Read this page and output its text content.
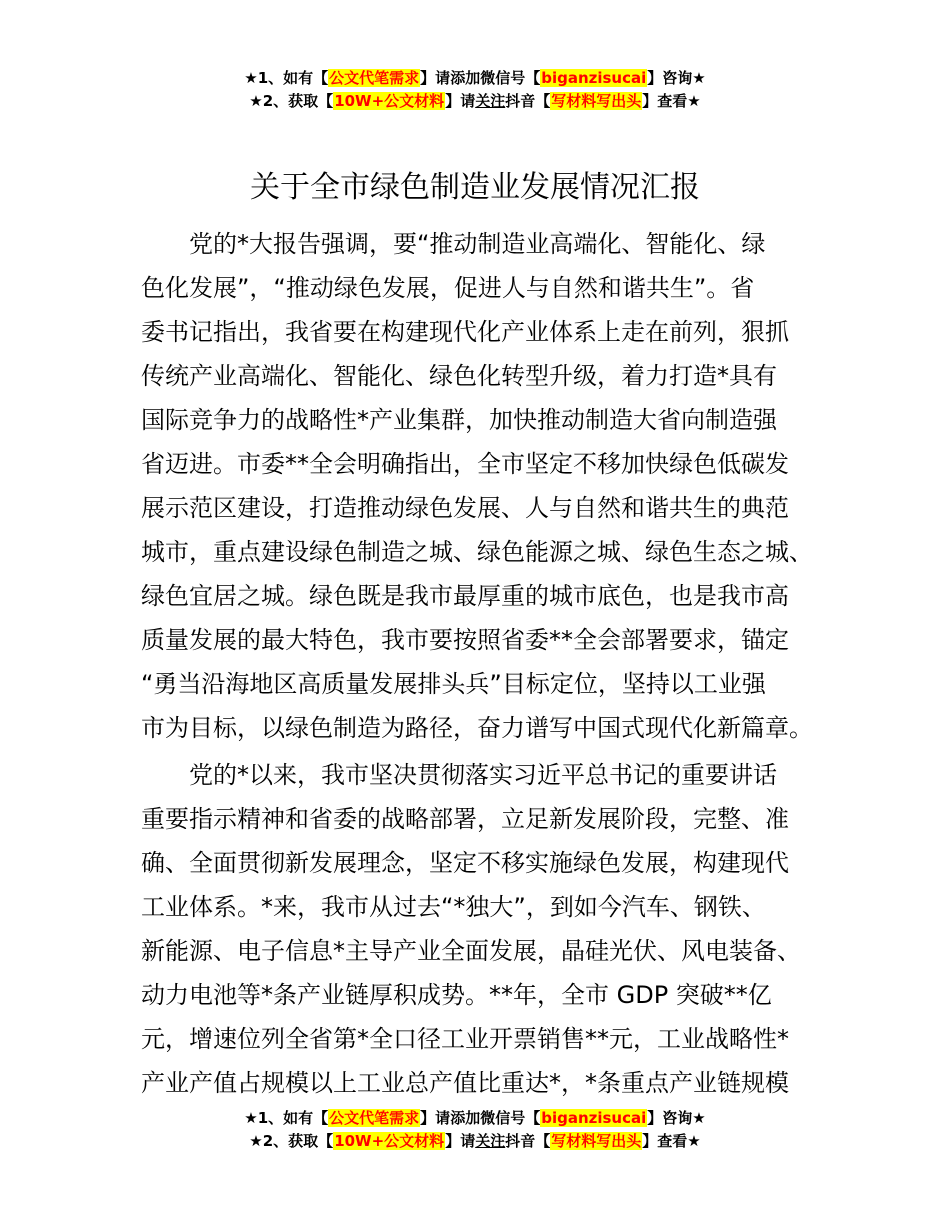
★1、如有【公文代笔需求】请添加微信号【biganzisucai】咨询★
★2、获取【10W+公文材料】请关注抖音【写材料写出头】查看★
关于全市绿色制造业发展情况汇报
党的*大报告强调，要“推动制造业高端化、智能化、绿
色化发展”，“推动绿色发展，促进人与自然和谐共生”。省
委书记指出，我省要在构建现代化产业体系上走在前列，狠抓
传统产业高端化、智能化、绿色化转型升级，着力打造*具有
国际竞争力的战略性*产业集群，加快推动制造大省向制造强
省迈进。市委**全会明确指出，全市坚定不移加快绿色低碳发
展示范区建设，打造推动绿色发展、人与自然和谐共生的典范
城市，重点建设绿色制造之城、绿色能源之城、绿色生态之城、
绿色宜居之城。绿色既是我市最厚重的城市底色，也是我市高
质量发展的最大特色，我市要按照省委**全会部署要求，锚定
“勇当沿海地区高质量发展排头兵”目标定位，坚持以工业强
市为目标，以绿色制造为路径，奋力谱写中国式现代化新篇章。
党的*以来，我市坚决贯彻落实习近平总书记的重要讲话
重要指示精神和省委的战略部署，立足新发展阶段，完整、准
确、全面贯彻新发展理念，坚定不移实施绿色发展，构建现代
工业体系。*来，我市从过去“*独大”，到如今汽车、钢铁、
新能源、电子信息*主导产业全面发展，晶硅光伏、风电装备、
动力电池等*条产业链厚积成势。**年，全市 GDP 突破**亿
元，增速位列全省第*全口径工业开票销售**元，工业战略性*
产业产值占规模以上工业总产值比重达*，*条重点产业链规模
★1、如有【公文代笔需求】请添加微信号【biganzisucai】咨询★
★2、获取【10W+公文材料】请关注抖音【写材料写出头】查看★
